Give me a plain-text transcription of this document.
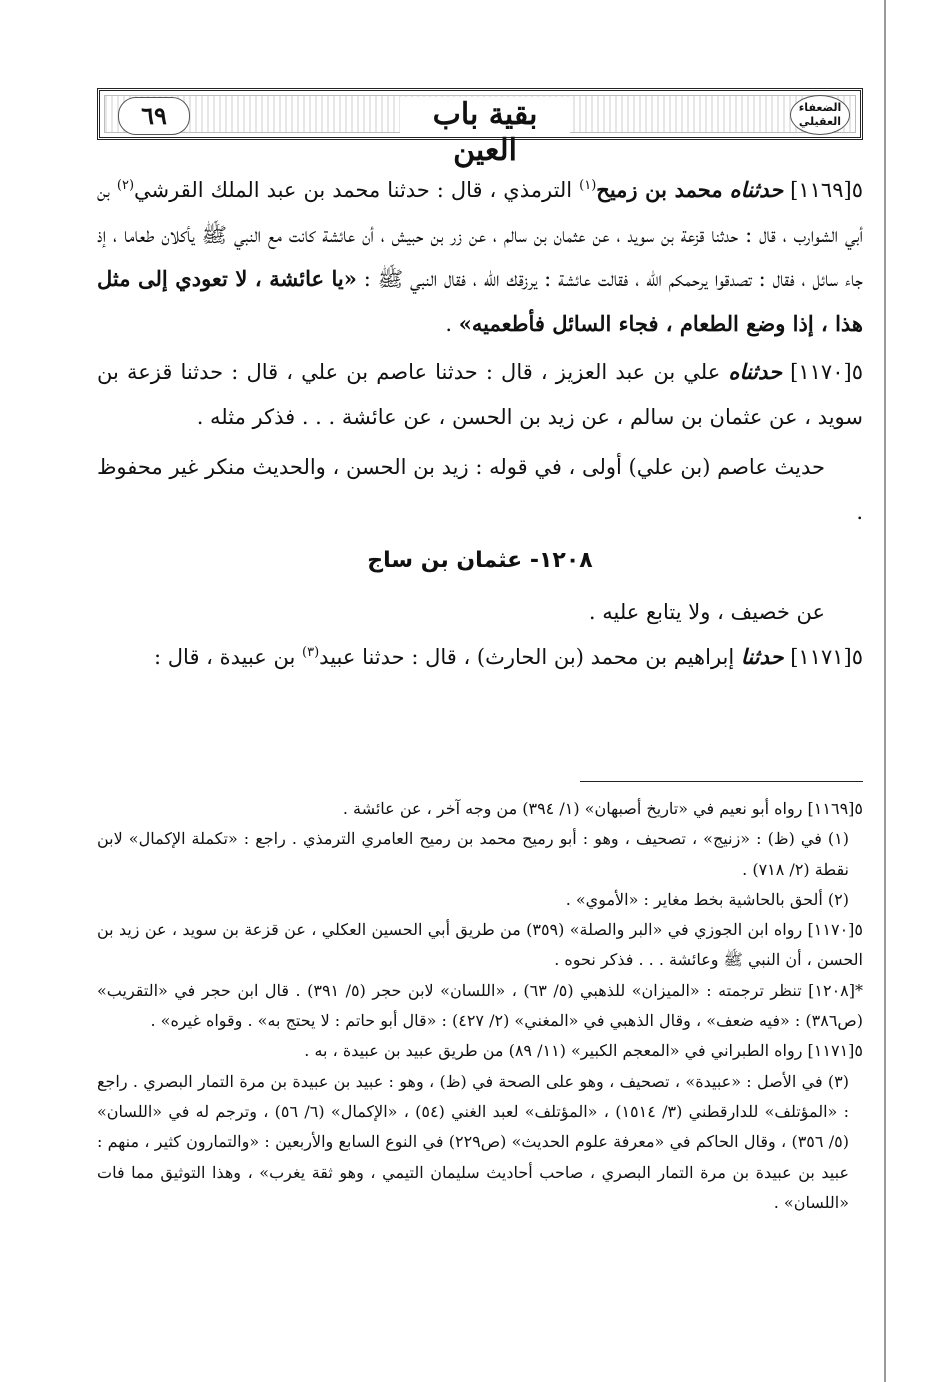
الضعفاء العقيلي
بقية باب العين
٦٩

٥[١١٦٩] حدثناه محمد بن زميح$^{(١)}$ الترمذي ، قال : حدثنا محمد بن عبد الملك القرشي$^{(٢)}$ بن أبي الشوارب ، قال : حدثنا قزعة بن سويد ، عن عثمان بن سالم ، عن زر بن حبيش ، أن عائشة كانت مع النبي ﷺ يأكلان طعاما ، إذ جاء سائل ، فقال : تصدقوا يرحمكم الله ، فقالت عائشة : يرزقك الله ، فقال النبي ﷺ : «يا عائشة ، لا تعودي إلى مثل هذا ، إذا وضع الطعام ، فجاء السائل فأطعميه» .

٥[١١٧٠] حدثناه علي بن عبد العزيز ، قال : حدثنا عاصم بن علي ، قال : حدثنا قزعة بن سويد ، عن عثمان بن سالم ، عن زيد بن الحسن ، عن عائشة . . . فذكر مثله .

حديث عاصم (بن علي) أولى ، في قوله : زيد بن الحسن ، والحديث منكر غير محفوظ .

١٢٠٨- عثمان بن ساج

عن خصيف ، ولا يتابع عليه .

٥[١١٧١] حدثنا إبراهيم بن محمد (بن الحارث) ، قال : حدثنا عبيد$^{(٣)}$ بن عبيدة ، قال :

٥[١١٦٩] رواه أبو نعيم في «تاريخ أصبهان» (١/ ٣٩٤) من وجه آخر ، عن عائشة .

(١) في (ظ) : «زنيج» ، تصحيف ، وهو : أبو رميح محمد بن رميح العامري الترمذي . راجع : «تكملة الإكمال» لابن نقطة (٢/ ٧١٨) .

(٢) ألحق بالحاشية بخط مغاير : «الأموي» .

٥[١١٧٠] رواه ابن الجوزي في «البر والصلة» (٣٥٩) من طريق أبي الحسين العكلي ، عن قزعة بن سويد ، عن زيد بن الحسن ، أن النبي ﷺ وعائشة . . . فذكر نحوه .

*[١٢٠٨] تنظر ترجمته : «الميزان» للذهبي (٥/ ٦٣) ، «اللسان» لابن حجر (٥/ ٣٩١) . قال ابن حجر في «التقريب» (ص٣٨٦) : «فيه ضعف» ، وقال الذهبي في «المغني» (٢/ ٤٢٧) : «قال أبو حاتم : لا يحتج به» . وقواه غيره» .

٥[١١٧١] رواه الطبراني في «المعجم الكبير» (١١/ ٨٩) من طريق عبيد بن عبيدة ، به .

(٣) في الأصل : «عبيدة» ، تصحيف ، وهو على الصحة في (ظ) ، وهو : عبيد بن عبيدة بن مرة التمار البصري . راجع : «المؤتلف» للدارقطني (٣/ ١٥١٤) ، «المؤتلف» لعبد الغني (٥٤) ، «الإكمال» (٦/ ٥٦) ، وترجم له في «اللسان» (٥/ ٣٥٦) ، وقال الحاكم في «معرفة علوم الحديث» (ص٢٢٩) في النوع السابع والأربعين : «والتمارون كثير ، منهم : عبيد بن عبيدة بن مرة التمار البصري ، صاحب أحاديث سليمان التيمي ، وهو ثقة يغرب» ، وهذا التوثيق مما فات «اللسان» .
